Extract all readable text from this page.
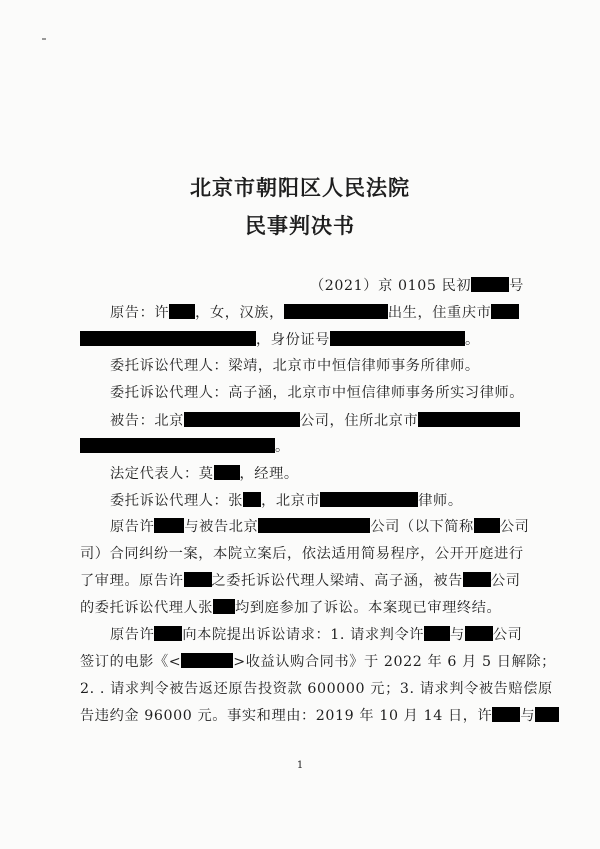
北京市朝阳区人民法院
民事判决书
（2021）京 0105 民初	号
原告：许 ，女，汉族，	出生，住重庆市
，身份证号	。
委托诉讼代理人：梁靖，北京市中恒信律师事务所律师。
委托诉讼代理人：高子涵，北京市中恒信律师事务所实习律师。
被告：北京	公司，住所北京市
。
法定代表人：莫 ，经理。
委托诉讼代理人：张 ，北京市	律师。
原告许 与被告北京	公司（以下简称 公司
司）合同纠纷一案，本院立案后，依法适用简易程序，公开开庭进行
了审理。原告许 之委托诉讼代理人梁靖、高子涵，被告 公司
的委托诉讼代理人张 均到庭参加了诉讼。本案现已审理终结。
原告许 向本院提出诉讼请求：1. 请求判令许 与 公司
签订的电影《<	>收益认购合同书》于 2022 年 6 月 5 日解除；
2. . 请求判令被告返还原告投资款 600000 元；3. 请求判令被告赔偿原
告违约金 96000 元。事实和理由：2019 年 10 月 14 日，许 与
1
